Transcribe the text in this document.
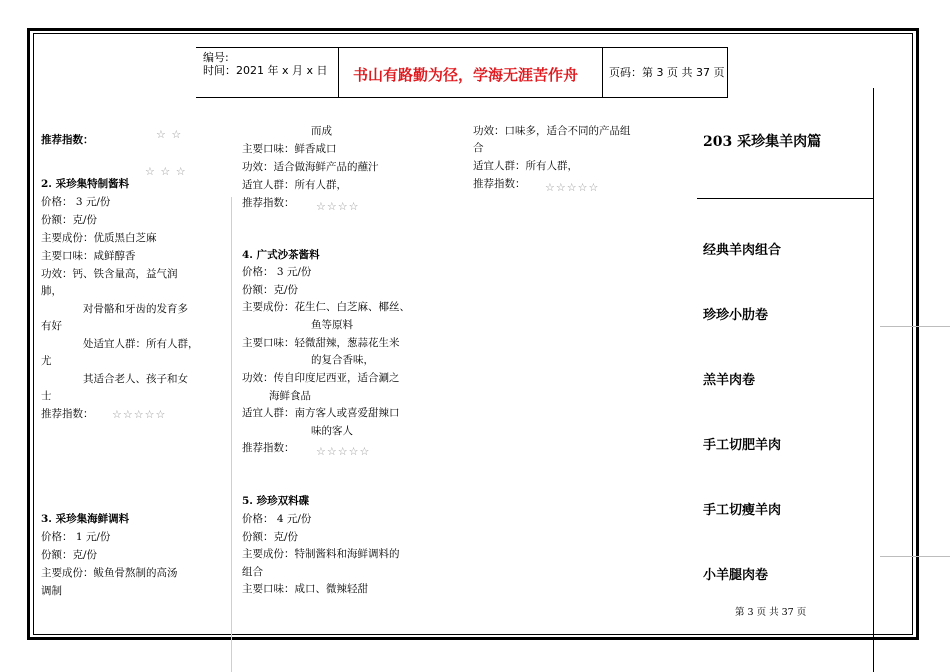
编号:
时间：2021 年 x 月 x 日 书山有路勤为径，学海无涯苦作舟	页码：第 3 页 共 37 页
推荐指数：	☆ ☆
☆ ☆ ☆
2. 采珍集特制酱料
价格： 3 元/份
份额：克/份
主要成份：优质黑白芝麻
主要口味：咸鲜醇香
功效：钙、铁含量高，益气润
肺，
对骨骼和牙齿的发育多
有好
处适宜人群：所有人群，
尤
其适合老人、孩子和女
士
推荐指数： ☆☆☆☆☆
3. 采珍集海鲜调料
价格： 1 元/份
份额：克/份
主要成份：鲅鱼骨熬制的高汤
调制
而成
主要口味：鲜香咸口
功效：适合做海鲜产品的蘸汁
适宜人群：所有人群，
推荐指数： ☆☆☆☆
4. 广式沙茶酱料
价格： 3 元/份
份额：克/份
主要成份：花生仁、白芝麻、椰丝、
鱼等原料
主要口味：轻微甜辣，葱蒜花生米
的复合香味，
功效：传自印度尼西亚，适合涮之
海鲜食品
适宜人群：南方客人或喜爱甜辣口
味的客人
推荐指数： ☆☆☆☆☆
5. 珍珍双料碟
价格： 4 元/份
份额：克/份
主要成份：特制酱料和海鲜调料的
组合
主要口味：咸口、微辣轻甜
功效：口味多，适合不同的产品组
合
适宜人群：所有人群，
推荐指数： ☆☆☆☆☆
203 采珍集羊肉篇
经典羊肉组合
珍珍小肋卷
羔羊肉卷
手工切肥羊肉
手工切瘦羊肉
小羊腿肉卷
第 3 页 共 37 页
